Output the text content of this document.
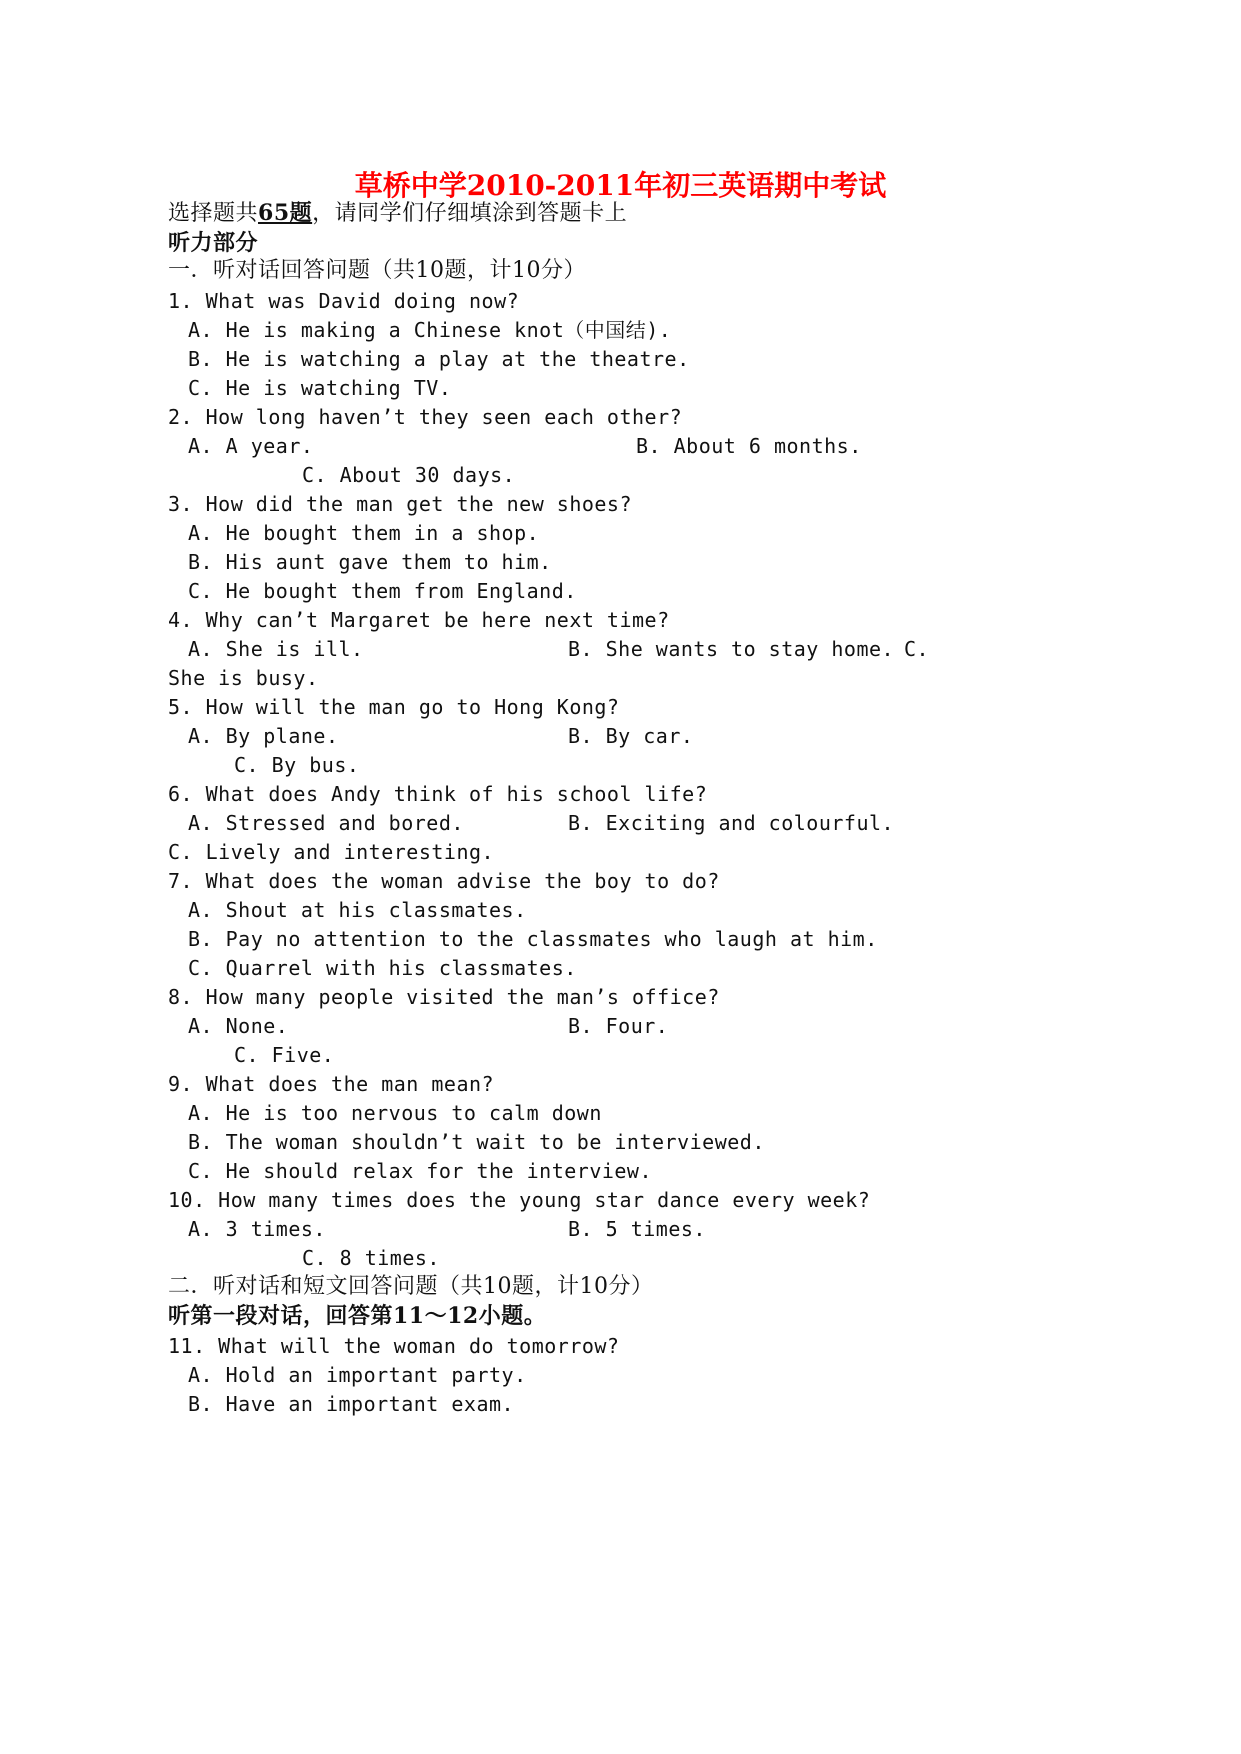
草桥中学2010-2011年初三英语期中考试
选择题共65题，请同学们仔细填涂到答题卡上
听力部分
一．听对话回答问题（共10题，计10分）
1. What was David doing now?
A. He is making a Chinese knot（中国结).
B. He is watching a play at the theatre.
C. He is watching TV.
2. How long haven’t they seen each other?
A. A year.	B. About 6 months.
C. About 30 days.
3. How did the man get the new shoes?
A. He bought them in a shop.
B. His aunt gave them to him.
C. He bought them from England.
4. Why can’t Margaret be here next time?
A. She is ill.	B. She wants to stay home. C.
She is busy.
5. How will the man go to Hong Kong?
A. By plane.	B. By car.
C. By bus.
6. What does Andy think of his school life?
A. Stressed and bored.	B. Exciting and colourful.
C. Lively and interesting.
7. What does the woman advise the boy to do?
A. Shout at his classmates.
B. Pay no attention to the classmates who laugh at him.
C. Quarrel with his classmates.
8. How many people visited the man’s office?
A. None.	B. Four.
C. Five.
9. What does the man mean?
A. He is too nervous to calm down
B. The woman shouldn’t wait to be interviewed.
C. He should relax for the interview.
10. How many times does the young star dance every week?
A. 3 times.	B. 5 times.
C. 8 times.
二．听对话和短文回答问题（共10题，计10分）
听第一段对话，回答第11～12小题。
11. What will the woman do tomorrow?
A. Hold an important party.
B. Have an important exam.
